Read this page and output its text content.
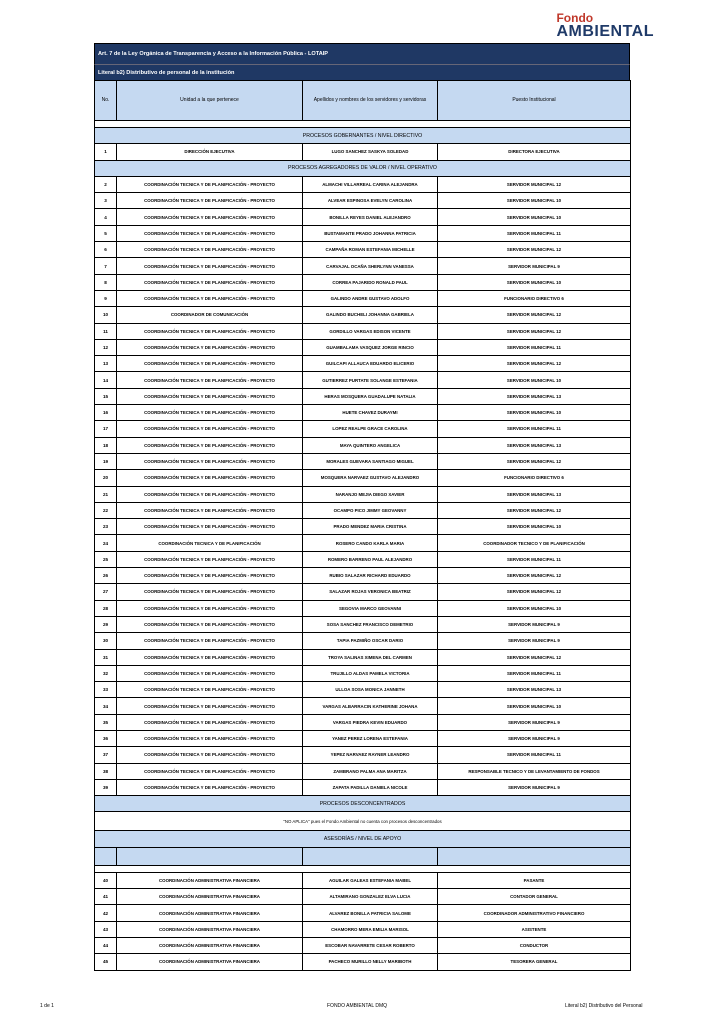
Fondo
AMBIENTAL
Art. 7 de la Ley Orgánica de Transparencia y Acceso a la Información Pública - LOTAIP
Literal b2) Distributivo de personal de la institución
No.	Unidad a la que pertenece	Apellidos y nombres de los servidores y servidoras	Puesto Institucional

PROCESOS GOBERNANTES / NIVEL DIRECTIVO			
1	DIRECCIÓN EJECUTIVA	LUGO SANCHEZ SASKYA SOLEDAD	DIRECTORA EJECUTIVA
PROCESOS AGREGADORES DE VALOR / NIVEL OPERATIVO			
2	COORDINACIÓN TECNICA Y DE PLANIFICACIÓN - PROYECTO	ALMACHI VILLARREAL CARINA ALEJANDRA	SERVIDOR MUNICIPAL 12
3	COORDINACIÓN TECNICA Y DE PLANIFICACIÓN - PROYECTO	ALVEAR ESPINOSA EVELYN CAROLINA	SERVIDOR MUNICIPAL 10
4	COORDINACIÓN TECNICA Y DE PLANIFICACIÓN - PROYECTO	BONILLA REYES DANIEL ALEJANDRO	SERVIDOR MUNICIPAL 10
5	COORDINACIÓN TECNICA Y DE PLANIFICACIÓN - PROYECTO	BUSTAMANTE PRADO JOHANNA PATRICIA	SERVIDOR MUNICIPAL 11
6	COORDINACIÓN TECNICA Y DE PLANIFICACIÓN - PROYECTO	CAMPAÑA ROMAN ESTEFANIA MICHELLE	SERVIDOR MUNICIPAL 12
7	COORDINACIÓN TECNICA Y DE PLANIFICACIÓN - PROYECTO	CARVAJAL OCAÑA SHERLYNN VANESSA	SERVIDOR MUNICIPAL 9
8	COORDINACIÓN TECNICA Y DE PLANIFICACIÓN - PROYECTO	CORREA PAJARIDO RONALD PAUL	SERVIDOR MUNICIPAL 10
9	COORDINACIÓN TECNICA Y DE PLANIFICACIÓN - PROYECTO	GALINDO ANDRE GUSTAVO ADOLFO	FUNCIONARIO DIRECTIVO 6
10	COORDINADOR DE COMUNICACIÓN	GALINDO BUCHELI JOHANNA GABRIELA	SERVIDOR MUNICIPAL 12
11	COORDINACIÓN TECNICA Y DE PLANIFICACIÓN - PROYECTO	GORDILLO VARGAS EDISON VICENTE	SERVIDOR MUNICIPAL 12
12	COORDINACIÓN TECNICA Y DE PLANIFICACIÓN - PROYECTO	GUAMBALAMA VASQUEZ JORGE RINCIO	SERVIDOR MUNICIPAL 11
13	COORDINACIÓN TECNICA Y DE PLANIFICACIÓN - PROYECTO	GUILCAPI ALLAUCA EDUARDO ELICERIO	SERVIDOR MUNICIPAL 12
14	COORDINACIÓN TECNICA Y DE PLANIFICACIÓN - PROYECTO	GUTIERREZ PURTATE SOLANGE ESTEFANIA	SERVIDOR MUNICIPAL 10
15	COORDINACIÓN TECNICA Y DE PLANIFICACIÓN - PROYECTO	HERAS MOSQUERA GUADALUPE NATALIA	SERVIDOR MUNICIPAL 13
16	COORDINACIÓN TECNICA Y DE PLANIFICACIÓN - PROYECTO	HUETE CHAVEZ DURAYMI	SERVIDOR MUNICIPAL 10
17	COORDINACIÓN TECNICA Y DE PLANIFICACIÓN - PROYECTO	LOPEZ REALPE GRACE CAROLINA	SERVIDOR MUNICIPAL 11
18	COORDINACIÓN TECNICA Y DE PLANIFICACIÓN - PROYECTO	MAYA QUINTERO ANGELICA	SERVIDOR MUNICIPAL 13
19	COORDINACIÓN TECNICA Y DE PLANIFICACIÓN - PROYECTO	MORALES GUEVARA SANTIAGO MIGUEL	SERVIDOR MUNICIPAL 12
20	COORDINACIÓN TECNICA Y DE PLANIFICACIÓN - PROYECTO	MOSQUERA NARVAEZ GUSTAVO ALEJANDRO	FUNCIONARIO DIRECTIVO 6
21	COORDINACIÓN TECNICA Y DE PLANIFICACIÓN - PROYECTO	NARANJO MEJIA DIEGO XAVIER	SERVIDOR MUNICIPAL 13
22	COORDINACIÓN TECNICA Y DE PLANIFICACIÓN - PROYECTO	OCAMPO PICO JIMMY GEOVANNY	SERVIDOR MUNICIPAL 12
23	COORDINACIÓN TECNICA Y DE PLANIFICACIÓN - PROYECTO	PRADO MENDEZ MARIA CRISTINA	SERVIDOR MUNICIPAL 10
24	COORDINACIÓN TECNICA Y DE PLANIFICACIÓN	ROSERO CANDO KARLA MARIA	COORDINADOR TECNICO Y DE PLANIFICACIÓN
25	COORDINACIÓN TECNICA Y DE PLANIFICACIÓN - PROYECTO	ROMERO BARRENO PAUL ALEJANDRO	SERVIDOR MUNICIPAL 11
26	COORDINACIÓN TECNICA Y DE PLANIFICACIÓN - PROYECTO	RUBIO SALAZAR RICHARD EDUARDO	SERVIDOR MUNICIPAL 12
27	COORDINACIÓN TECNICA Y DE PLANIFICACIÓN - PROYECTO	SALAZAR ROJAS VERONICA BEATRIZ	SERVIDOR MUNICIPAL 12
28	COORDINACIÓN TECNICA Y DE PLANIFICACIÓN - PROYECTO	SEGOVIA MARCO GEOVANNI	SERVIDOR MUNICIPAL 10
29	COORDINACIÓN TECNICA Y DE PLANIFICACIÓN - PROYECTO	SOSA SANCHEZ FRANCISCO DEMETRIO	SERVIDOR MUNICIPAL 9
30	COORDINACIÓN TECNICA Y DE PLANIFICACIÓN - PROYECTO	TAPIA PAZMIÑO OSCAR DARIO	SERVIDOR MUNICIPAL 9
31	COORDINACIÓN TECNICA Y DE PLANIFICACIÓN - PROYECTO	TROYA SALINAS XIMENA DEL CARMEN	SERVIDOR MUNICIPAL 12
32	COORDINACIÓN TECNICA Y DE PLANIFICACIÓN - PROYECTO	TRUJILLO ALDAS PAMELA VICTORIA	SERVIDOR MUNICIPAL 11
33	COORDINACIÓN TECNICA Y DE PLANIFICACIÓN - PROYECTO	ULLOA SOSA MONICA JANNETH	SERVIDOR MUNICIPAL 13
34	COORDINACIÓN TECNICA Y DE PLANIFICACIÓN - PROYECTO	VARGAS ALBARRACIN KATHERINE JOHANA	SERVIDOR MUNICIPAL 10
35	COORDINACIÓN TECNICA Y DE PLANIFICACIÓN - PROYECTO	VARGAS PIEDRA KEVIN EDUARDO	SERVIDOR MUNICIPAL 9
36	COORDINACIÓN TECNICA Y DE PLANIFICACIÓN - PROYECTO	YANEZ PEREZ LORENA ESTEFANIA	SERVIDOR MUNICIPAL 9
37	COORDINACIÓN TECNICA Y DE PLANIFICACIÓN - PROYECTO	YEPEZ NARVAEZ RAYNER LEANDRO	SERVIDOR MUNICIPAL 11
38	COORDINACIÓN TECNICA Y DE PLANIFICACIÓN - PROYECTO	ZAMBRANO PALMA ANA MARITZA	RESPONSABLE TECNICO Y DE LEVANTAMIENTO DE FONDOS
39	COORDINACIÓN TECNICA Y DE PLANIFICACIÓN - PROYECTO	ZAPATA PADILLA DANIELA NICOLE	SERVIDOR MUNICIPAL 9
PROCESOS DESCONCENTRADOS			
"NO APLICA" pues el Fondo Ambiental no cuenta con procesos desconcentrados			
ASESORÍAS / NIVEL DE APOYO			

40	COORDINACIÓN ADMINISTRATIVA FINANCIERA	AGUILAR GALEAS ESTEFANIA MABEL	PASANTE
41	COORDINACIÓN ADMINISTRATIVA FINANCIERA	ALTAMIRANO GONZALEZ ELVA LUCIA	CONTADOR GENERAL
42	COORDINACIÓN ADMINISTRATIVA FINANCIERA	ALVAREZ BONILLA PATRICIA SALOME	COORDINADOR ADMINISTRATIVO FINANCIERO
43	COORDINACIÓN ADMINISTRATIVA FINANCIERA	CHAMORRO MERA EMILIA MARISOL	ASISTENTE
44	COORDINACIÓN ADMINISTRATIVA FINANCIERA	ESCOBAR NAVARRETE CESAR ROBERTO	CONDUCTOR
45	COORDINACIÓN ADMINISTRATIVA FINANCIERA	PACHECO MURILLO NELLY MARIBOTH	TESORERA GENERAL
1 de 1	FONDO AMBIENTAL DMQ	Literal b2) Distributivo del Personal
